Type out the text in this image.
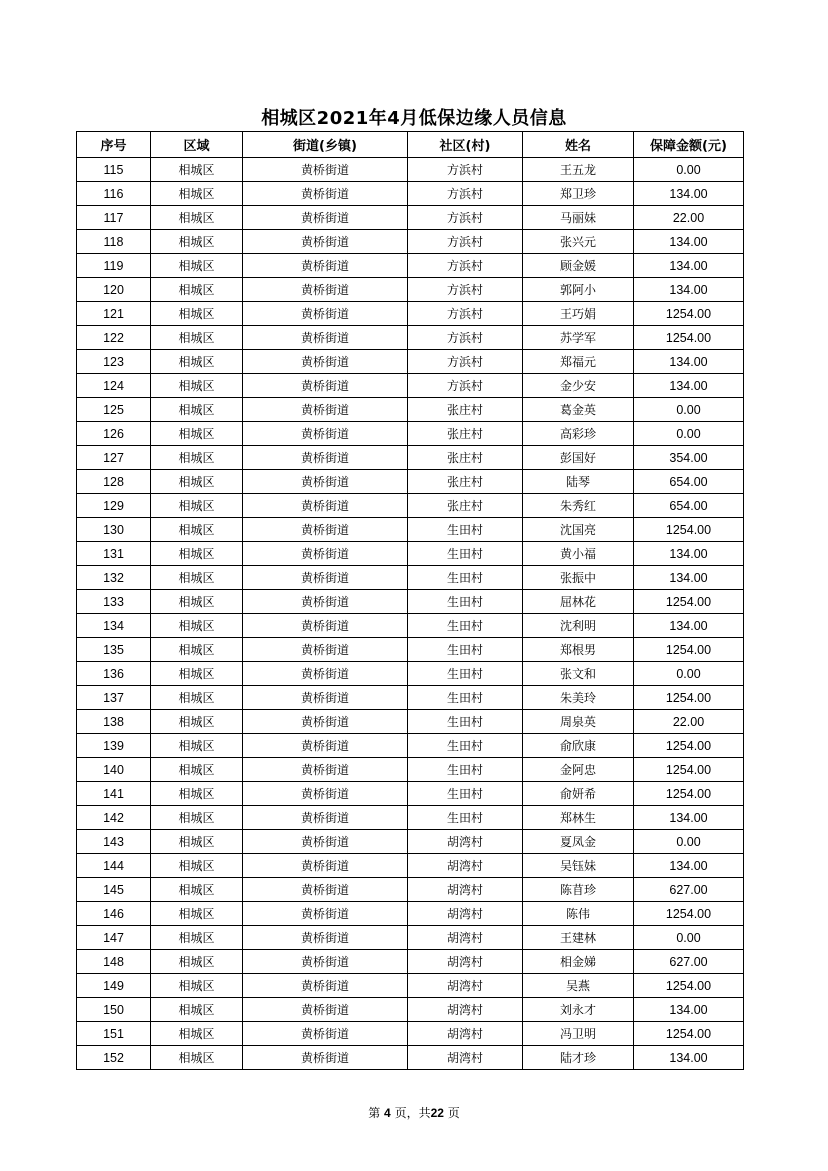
相城区2021年4月低保边缘人员信息
序号	区域	街道(乡镇)	社区(村)	姓名	保障金额(元)
115	相城区	黄桥街道	方浜村	王五龙	0.00
116	相城区	黄桥街道	方浜村	郑卫珍	134.00
117	相城区	黄桥街道	方浜村	马丽妹	22.00
118	相城区	黄桥街道	方浜村	张兴元	134.00
119	相城区	黄桥街道	方浜村	顾金媛	134.00
120	相城区	黄桥街道	方浜村	郭阿小	134.00
121	相城区	黄桥街道	方浜村	王巧娟	1254.00
122	相城区	黄桥街道	方浜村	苏学军	1254.00
123	相城区	黄桥街道	方浜村	郑福元	134.00
124	相城区	黄桥街道	方浜村	金少安	134.00
125	相城区	黄桥街道	张庄村	葛金英	0.00
126	相城区	黄桥街道	张庄村	高彩珍	0.00
127	相城区	黄桥街道	张庄村	彭国好	354.00
128	相城区	黄桥街道	张庄村	陆琴	654.00
129	相城区	黄桥街道	张庄村	朱秀红	654.00
130	相城区	黄桥街道	生田村	沈国亮	1254.00
131	相城区	黄桥街道	生田村	黄小福	134.00
132	相城区	黄桥街道	生田村	张振中	134.00
133	相城区	黄桥街道	生田村	屈林花	1254.00
134	相城区	黄桥街道	生田村	沈利明	134.00
135	相城区	黄桥街道	生田村	郑根男	1254.00
136	相城区	黄桥街道	生田村	张文和	0.00
137	相城区	黄桥街道	生田村	朱美玲	1254.00
138	相城区	黄桥街道	生田村	周泉英	22.00
139	相城区	黄桥街道	生田村	俞欣康	1254.00
140	相城区	黄桥街道	生田村	金阿忠	1254.00
141	相城区	黄桥街道	生田村	俞妍希	1254.00
142	相城区	黄桥街道	生田村	郑林生	134.00
143	相城区	黄桥街道	胡湾村	夏凤金	0.00
144	相城区	黄桥街道	胡湾村	吴钰妹	134.00
145	相城区	黄桥街道	胡湾村	陈苜珍	627.00
146	相城区	黄桥街道	胡湾村	陈伟	1254.00
147	相城区	黄桥街道	胡湾村	王建林	0.00
148	相城区	黄桥街道	胡湾村	相金娣	627.00
149	相城区	黄桥街道	胡湾村	吴燕	1254.00
150	相城区	黄桥街道	胡湾村	刘永才	134.00
151	相城区	黄桥街道	胡湾村	冯卫明	1254.00
152	相城区	黄桥街道	胡湾村	陆才珍	134.00
第 4 页，共22 页
